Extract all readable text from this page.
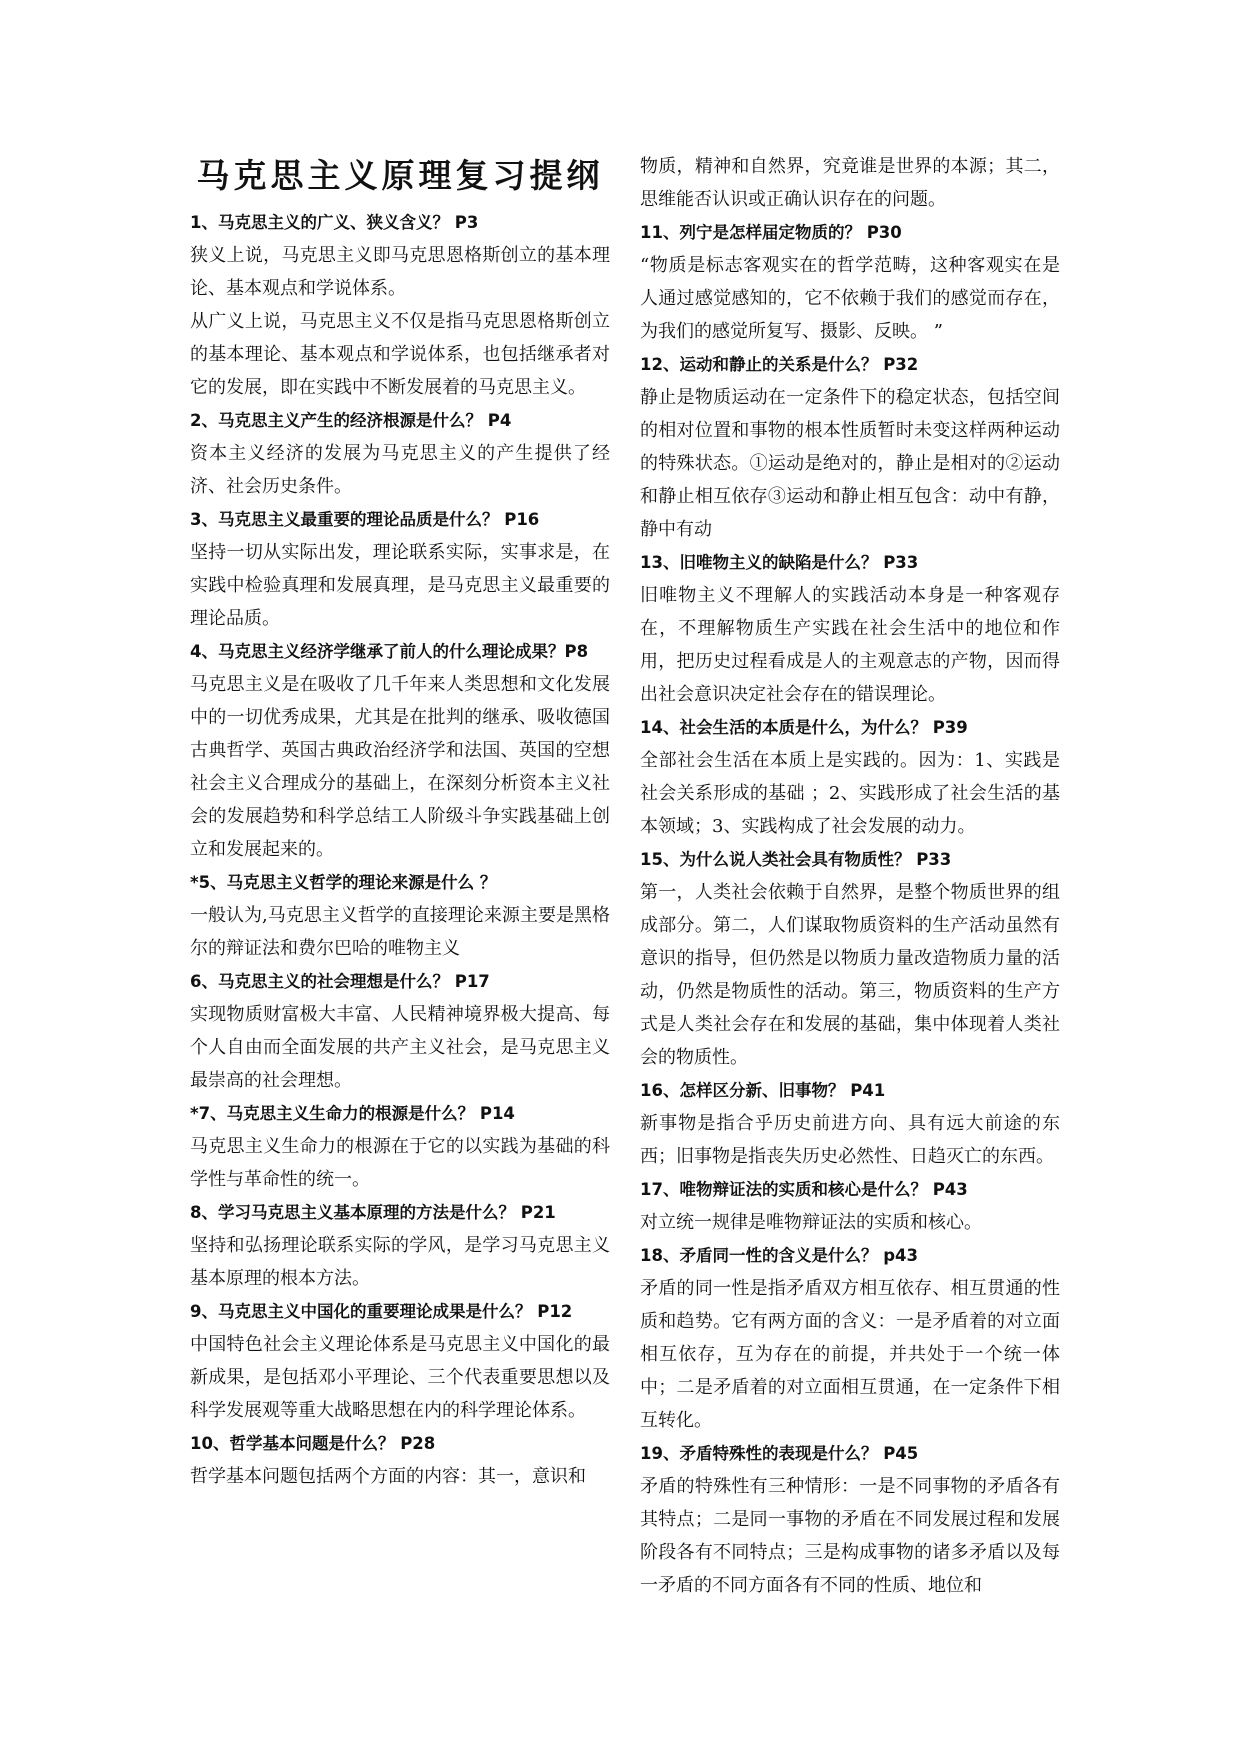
马克思主义原理复习提纲

1、马克思主义的广义、狭义含义？ P3

狭义上说，马克思主义即马克思恩格斯创立的基本理论、基本观点和学说体系。

从广义上说，马克思主义不仅是指马克思恩格斯创立的基本理论、基本观点和学说体系，也包括继承者对它的发展，即在实践中不断发展着的马克思主义。

2、马克思主义产生的经济根源是什么？ P4

资本主义经济的发展为马克思主义的产生提供了经济、社会历史条件。

3、马克思主义最重要的理论品质是什么？ P16

坚持一切从实际出发，理论联系实际，实事求是，在实践中检验真理和发展真理，是马克思主义最重要的理论品质。

4、马克思主义经济学继承了前人的什么理论成果？P8

马克思主义是在吸收了几千年来人类思想和文化发展中的一切优秀成果，尤其是在批判的继承、吸收德国古典哲学、英国古典政治经济学和法国、英国的空想社会主义合理成分的基础上，在深刻分析资本主义社会的发展趋势和科学总结工人阶级斗争实践基础上创立和发展起来的。

*5、马克思主义哲学的理论来源是什么 ？

一般认为,马克思主义哲学的直接理论来源主要是黑格尔的辩证法和费尔巴哈的唯物主义

6、马克思主义的社会理想是什么？ P17

实现物质财富极大丰富、人民精神境界极大提高、每个人自由而全面发展的共产主义社会，是马克思主义最崇高的社会理想。

*7、马克思主义生命力的根源是什么？ P14

马克思主义生命力的根源在于它的以实践为基础的科学性与革命性的统一。

8、学习马克思主义基本原理的方法是什么？ P21

坚持和弘扬理论联系实际的学风，是学习马克思主义基本原理的根本方法。

9、马克思主义中国化的重要理论成果是什么？ P12

中国特色社会主义理论体系是马克思主义中国化的最新成果，是包括邓小平理论、三个代表重要思想以及科学发展观等重大战略思想在内的科学理论体系。

10、哲学基本问题是什么？ P28

哲学基本问题包括两个方面的内容：其一，意识和

物质，精神和自然界，究竟谁是世界的本源；其二，思维能否认识或正确认识存在的问题。

11、列宁是怎样届定物质的？ P30

“物质是标志客观实在的哲学范畴，这种客观实在是人通过感觉感知的，它不依赖于我们的感觉而存在，为我们的感觉所复写、摄影、反映。 ”

12、运动和静止的关系是什么？ P32

静止是物质运动在一定条件下的稳定状态，包括空间的相对位置和事物的根本性质暂时未变这样两种运动的特殊状态。①运动是绝对的，静止是相对的②运动和静止相互依存③运动和静止相互包含：动中有静，静中有动

13、旧唯物主义的缺陷是什么？ P33

旧唯物主义不理解人的实践活动本身是一种客观存在，不理解物质生产实践在社会生活中的地位和作用，把历史过程看成是人的主观意志的产物，因而得出社会意识决定社会存在的错误理论。

14、社会生活的本质是什么，为什么？ P39

全部社会生活在本质上是实践的。因为：1、实践是社会关系形成的基础 ；2、实践形成了社会生活的基本领域；3、实践构成了社会发展的动力。

15、为什么说人类社会具有物质性？ P33

第一，人类社会依赖于自然界，是整个物质世界的组成部分。第二，人们谋取物质资料的生产活动虽然有意识的指导，但仍然是以物质力量改造物质力量的活动，仍然是物质性的活动。第三，物质资料的生产方式是人类社会存在和发展的基础，集中体现着人类社会的物质性。

16、怎样区分新、旧事物？ P41

新事物是指合乎历史前进方向、具有远大前途的东西；旧事物是指丧失历史必然性、日趋灭亡的东西。

17、唯物辩证法的实质和核心是什么？ P43

对立统一规律是唯物辩证法的实质和核心。

18、矛盾同一性的含义是什么？ p43

矛盾的同一性是指矛盾双方相互依存、相互贯通的性质和趋势。它有两方面的含义：一是矛盾着的对立面相互依存，互为存在的前提，并共处于一个统一体中；二是矛盾着的对立面相互贯通，在一定条件下相互转化。

19、矛盾特殊性的表现是什么？ P45

矛盾的特殊性有三种情形：一是不同事物的矛盾各有其特点；二是同一事物的矛盾在不同发展过程和发展阶段各有不同特点；三是构成事物的诸多矛盾以及每一矛盾的不同方面各有不同的性质、地位和
